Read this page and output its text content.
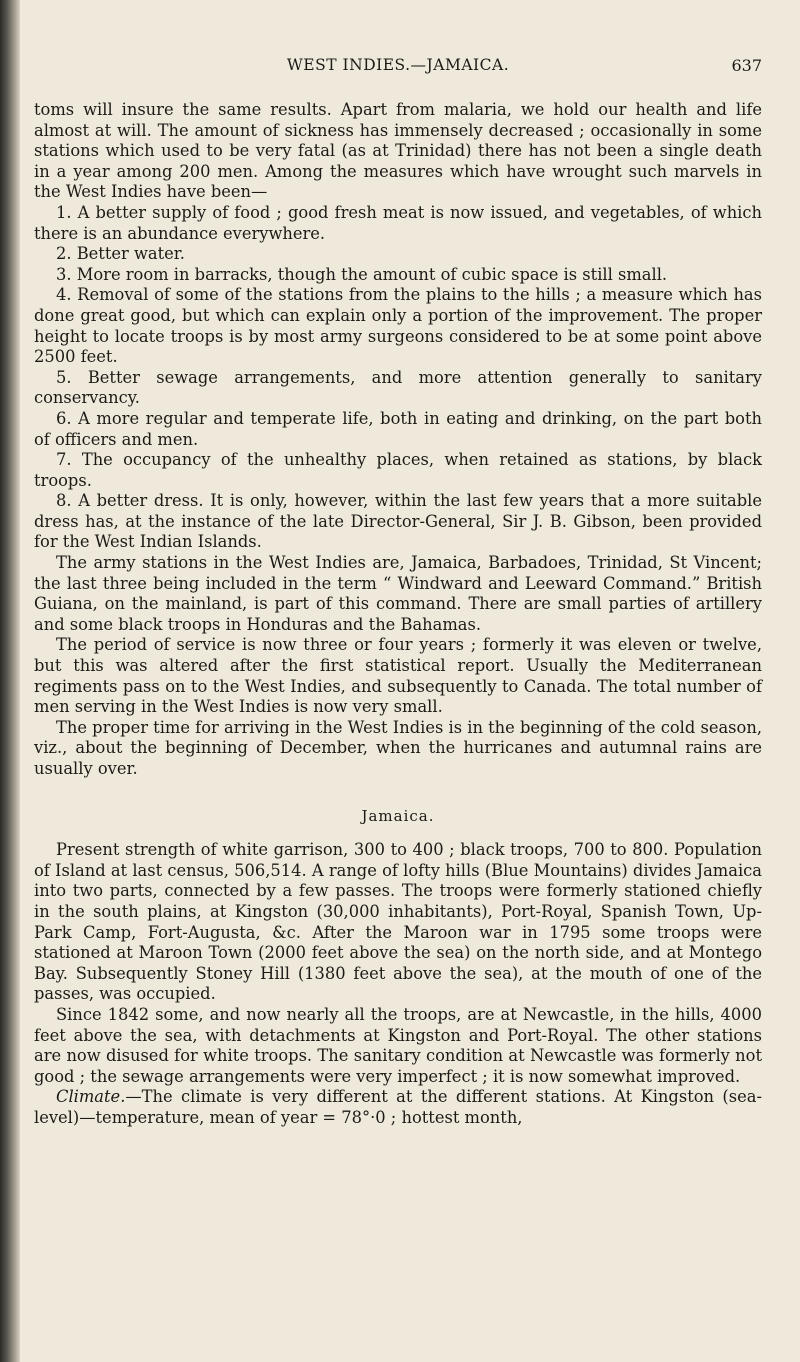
WEST INDIES.—JAMAICA.	637

toms will insure the same results. Apart from malaria, we hold our health and life almost at will. The amount of sickness has immensely decreased ; occasionally in some stations which used to be very fatal (as at Trinidad) there has not been a single death in a year among 200 men. Among the measures which have wrought such marvels in the West Indies have been—

1. A better supply of food ; good fresh meat is now issued, and vegetables, of which there is an abundance everywhere.

2. Better water.

3. More room in barracks, though the amount of cubic space is still small.

4. Removal of some of the stations from the plains to the hills ; a measure which has done great good, but which can explain only a portion of the improvement. The proper height to locate troops is by most army surgeons considered to be at some point above 2500 feet.

5. Better sewage arrangements, and more attention generally to sanitary conservancy.

6. A more regular and temperate life, both in eating and drinking, on the part both of officers and men.

7. The occupancy of the unhealthy places, when retained as stations, by black troops.

8. A better dress. It is only, however, within the last few years that a more suitable dress has, at the instance of the late Director-General, Sir J. B. Gibson, been provided for the West Indian Islands.

The army stations in the West Indies are, Jamaica, Barbadoes, Trinidad, St Vincent; the last three being included in the term “ Windward and Leeward Command.” British Guiana, on the mainland, is part of this command. There are small parties of artillery and some black troops in Honduras and the Bahamas.

The period of service is now three or four years ; formerly it was eleven or twelve, but this was altered after the first statistical report. Usually the Mediterranean regiments pass on to the West Indies, and subsequently to Canada. The total number of men serving in the West Indies is now very small.

The proper time for arriving in the West Indies is in the beginning of the cold season, viz., about the beginning of December, when the hurricanes and autumnal rains are usually over.

Jamaica.

Present strength of white garrison, 300 to 400 ; black troops, 700 to 800. Population of Island at last census, 506,514. A range of lofty hills (Blue Mountains) divides Jamaica into two parts, connected by a few passes. The troops were formerly stationed chiefly in the south plains, at Kingston (30,000 inhabitants), Port-Royal, Spanish Town, Up-Park Camp, Fort-Augusta, &c. After the Maroon war in 1795 some troops were stationed at Maroon Town (2000 feet above the sea) on the north side, and at Montego Bay. Subsequently Stoney Hill (1380 feet above the sea), at the mouth of one of the passes, was occupied.

Since 1842 some, and now nearly all the troops, are at Newcastle, in the hills, 4000 feet above the sea, with detachments at Kingston and Port-Royal. The other stations are now disused for white troops. The sanitary condition at Newcastle was formerly not good ; the sewage arrangements were very imperfect ; it is now somewhat improved.

Climate.—The climate is very different at the different stations. At Kingston (sea-level)—temperature, mean of year = 78°·0 ; hottest month,
